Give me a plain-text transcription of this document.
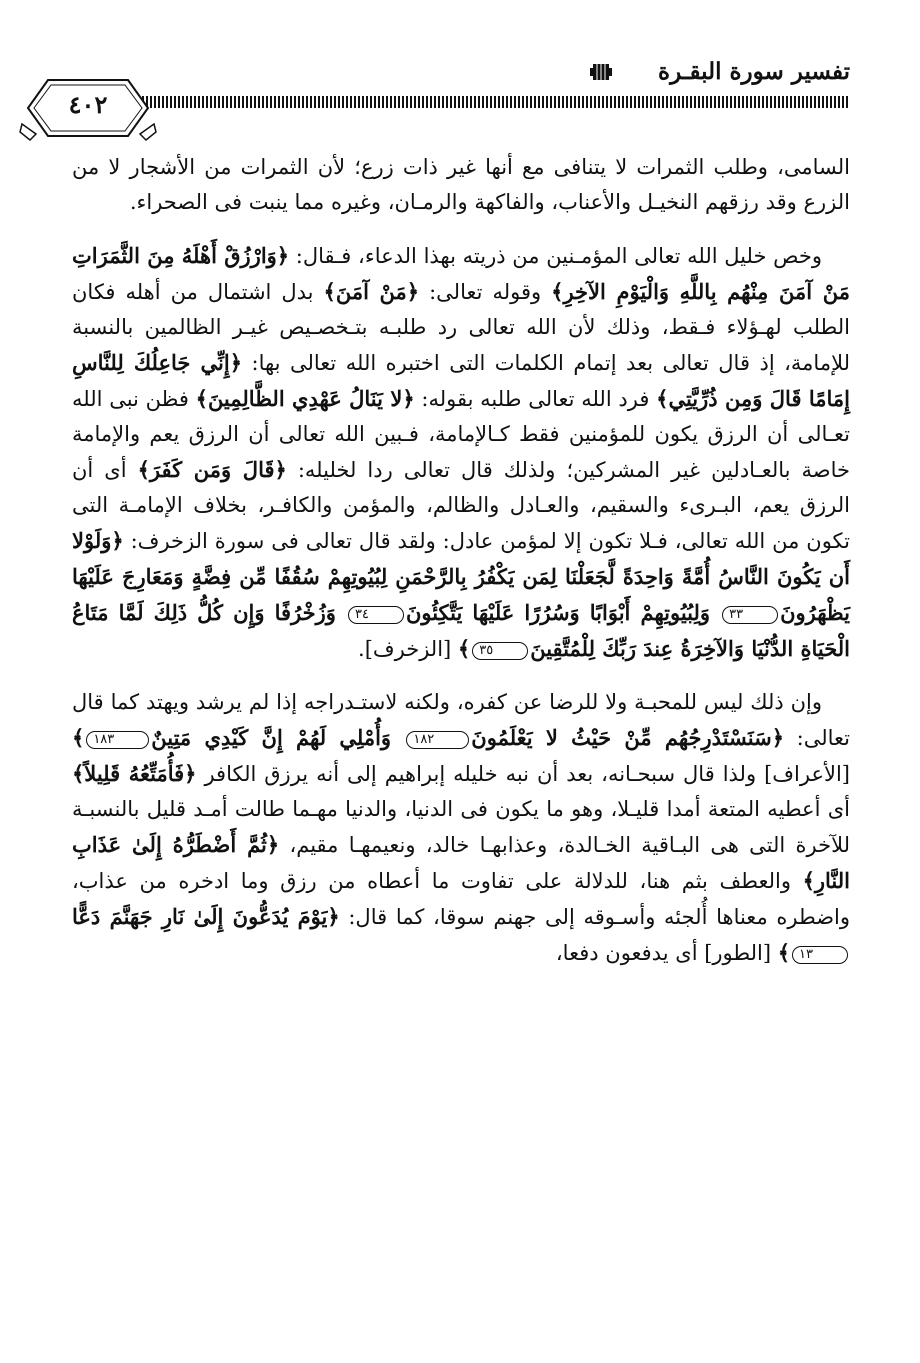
تفسير سورة البقـرة
٤٠٢

السامى، وطلب الثمرات لا يتنافى مع أنها غير ذات زرع؛ لأن الثمرات من الأشجار لا من الزرع وقد رزقهم النخيـل والأعناب، والفاكهة والرمـان، وغيره مما ينبت فى الصحراء.

وخص خليل الله تعالى المؤمـنين من ذريته بهذا الدعاء، فـقال: ﴿وَارْزُقْ أَهْلَهُ مِنَ الثَّمَرَاتِ مَنْ آمَنَ مِنْهُم بِاللَّهِ وَالْيَوْمِ الآخِرِ﴾ وقوله تعالى: ﴿مَنْ آمَنَ﴾ بدل اشتمال من أهله فكان الطلب لهـؤلاء فـقط، وذلك لأن الله تعالى رد طلبـه بتـخصـيص غيـر الظالمين بالنسبة للإمامة، إذ قال تعالى بعد إتمام الكلمات التى اختبره الله تعالى بها: ﴿إِنِّي جَاعِلُكَ لِلنَّاسِ إِمَامًا قَالَ وَمِن ذُرِّيَّتِي﴾ فرد الله تعالى طلبه بقوله: ﴿لا يَنَالُ عَهْدِي الظَّالِمِينَ﴾ فظن نبى الله تعـالى أن الرزق يكون للمؤمنين فقط كـالإمامة، فـبين الله تعالى أن الرزق يعم والإمامة خاصة بالعـادلين غير المشركين؛ ولذلك قال تعالى ردا لخليله: ﴿قَالَ وَمَن كَفَرَ﴾ أى أن الرزق يعم، البـرىء والسقيم، والعـادل والظالم، والمؤمن والكافـر، بخلاف الإمامـة التى تكون من الله تعالى، فـلا تكون إلا لمؤمن عادل: ولقد قال تعالى فى سورة الزخرف: ﴿وَلَوْلا أَن يَكُونَ النَّاسُ أُمَّةً وَاحِدَةً لَّجَعَلْنَا لِمَن يَكْفُرُ بِالرَّحْمَنِ لِبُيُوتِهِمْ سُقُفًا مِّن فِضَّةٍ وَمَعَارِجَ عَلَيْهَا يَظْهَرُونَ٣٣ وَلِبُيُوتِهِمْ أَبْوَابًا وَسُرُرًا عَلَيْهَا يَتَّكِئُونَ٣٤ وَزُخْرُفًا وَإِن كُلُّ ذَلِكَ لَمَّا مَتَاعُ الْحَيَاةِ الدُّنْيَا وَالآخِرَةُ عِندَ رَبِّكَ لِلْمُتَّقِينَ٣٥﴾ [الزخرف].

وإن ذلك ليس للمحبـة ولا للرضا عن كفره، ولكنه لاستـدراجه إذا لم يرشد ويهتد كما قال تعالى: ﴿سَنَسْتَدْرِجُهُم مِّنْ حَيْثُ لا يَعْلَمُونَ١٨٢ وَأُمْلِي لَهُمْ إِنَّ كَيْدِي مَتِينٌ١٨٣﴾ [الأعراف] ولذا قال سبحـانه، بعد أن نبه خليله إبراهيم إلى أنه يرزق الكافر ﴿فَأُمَتِّعُهُ قَلِيلاً﴾ أى أعطيه المتعة أمدا قليـلا، وهو ما يكون فى الدنيا، والدنيا مهـما طالت أمـد قليل بالنسبـة للآخرة التى هى البـاقية الخـالدة، وعذابهـا خالد، ونعيمهـا مقيم، ﴿ثُمَّ أَضْطَرُّهُ إِلَىٰ عَذَابِ النَّارِ﴾ والعطف بثم هنا، للدلالة على تفاوت ما أعطاه من رزق وما ادخره من عذاب، واضطره معناها أُلجئه وأسـوقه إلى جهنم سوقا، كما قال: ﴿يَوْمَ يُدَعُّونَ إِلَىٰ نَارِ جَهَنَّمَ دَعًّا١٣﴾ [الطور] أى يدفعون دفعا،
